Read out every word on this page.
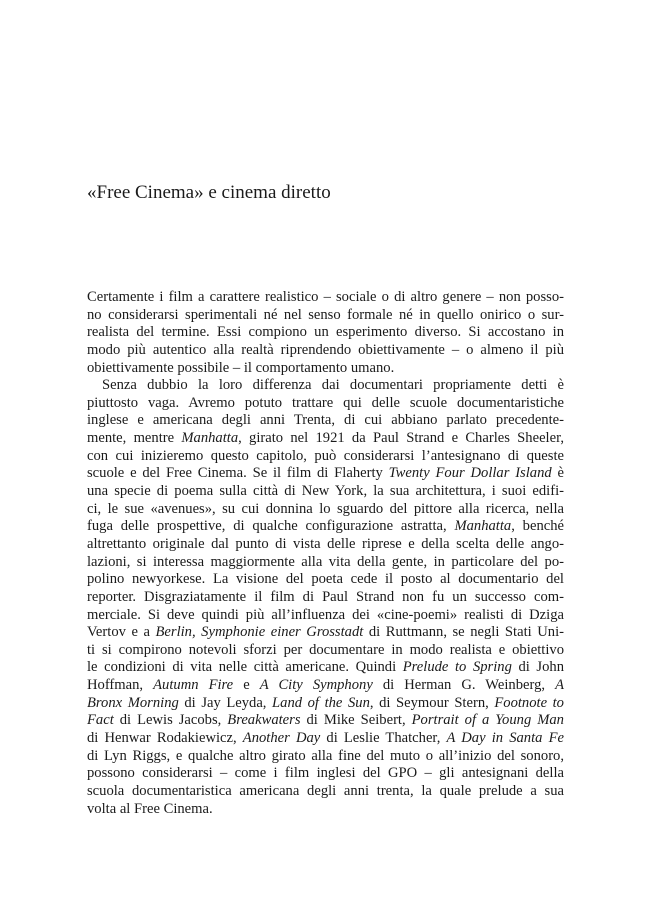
«Free Cinema» e cinema diretto
Certamente i film a carattere realistico – sociale o di altro genere – non posso-
no considerarsi sperimentali né nel senso formale né in quello onirico o sur-
realista del termine. Essi compiono un esperimento diverso. Si accostano in
modo più autentico alla realtà riprendendo obiettivamente – o almeno il più
obiettivamente possibile – il comportamento umano.
Senza dubbio la loro differenza dai documentari propriamente detti è
piuttosto vaga. Avremo potuto trattare qui delle scuole documentaristiche
inglese e americana degli anni Trenta, di cui abbiano parlato precedente-
mente, mentre Manhatta, girato nel 1921 da Paul Strand e Charles Sheeler,
con cui inizieremo questo capitolo, può considerarsi l’antesignano di queste
scuole e del Free Cinema. Se il film di Flaherty Twenty Four Dollar Island è
una specie di poema sulla città di New York, la sua architettura, i suoi edifi-
ci, le sue «avenues», su cui donnina lo sguardo del pittore alla ricerca, nella
fuga delle prospettive, di qualche configurazione astratta, Manhatta, benché
altrettanto originale dal punto di vista delle riprese e della scelta delle ango-
lazioni, si interessa maggiormente alla vita della gente, in particolare del po-
polino newyorkese. La visione del poeta cede il posto al documentario del
reporter. Disgraziatamente il film di Paul Strand non fu un successo com-
merciale. Si deve quindi più all’influenza dei «cine-poemi» realisti di Dziga
Vertov e a Berlin, Symphonie einer Grosstadt di Ruttmann, se negli Stati Uni-
ti si compirono notevoli sforzi per documentare in modo realista e obiettivo
le condizioni di vita nelle città americane. Quindi Prelude to Spring di John
Hoffman, Autumn Fire e A City Symphony di Herman G. Weinberg, A
Bronx Morning di Jay Leyda, Land of the Sun, di Seymour Stern, Footnote to
Fact di Lewis Jacobs, Breakwaters di Mike Seibert, Portrait of a Young Man
di Henwar Rodakiewicz, Another Day di Leslie Thatcher, A Day in Santa Fe
di Lyn Riggs, e qualche altro girato alla fine del muto o all’inizio del sonoro,
possono considerarsi – come i film inglesi del GPO – gli antesignani della
scuola documentaristica americana degli anni trenta, la quale prelude a sua
volta al Free Cinema.
